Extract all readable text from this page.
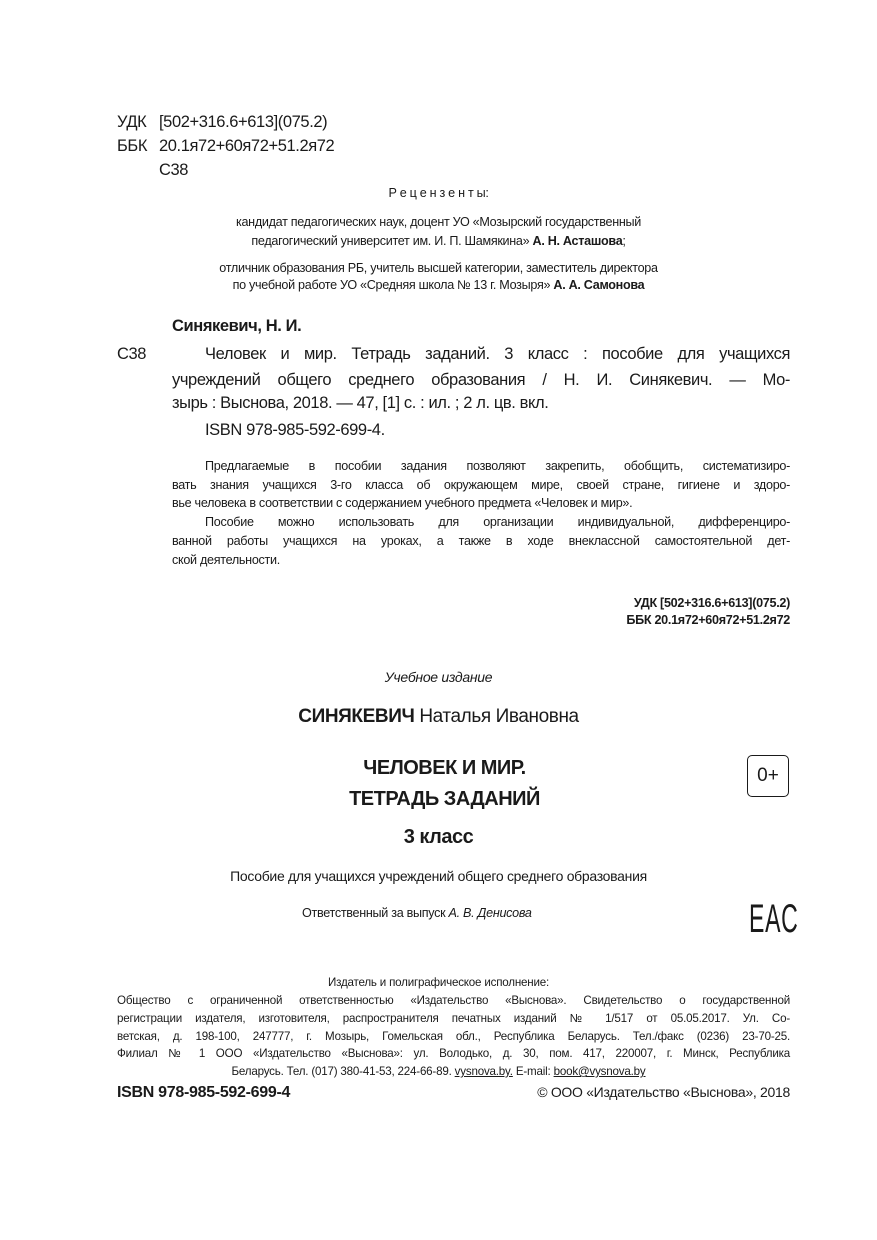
УДК [502+316.6+613](075.2)
ББК 20.1я72+60я72+51.2я72
С38
Р е ц е н з е н т ы:
кандидат педагогических наук, доцент УО «Мозырский государственный
педагогический университет им. И. П. Шамякина» А. Н. Асташова;
отличник образования РБ, учитель высшей категории, заместитель директора
по учебной работе УО «Средняя школа № 13 г. Мозыря» А. А. Самонова
Синякевич, Н. И.
С38	Человек и мир. Тетрадь заданий. 3 класс : пособие для учащихся
учреждений общего среднего образования / Н. И. Синякевич. — Мо-
зырь : Выснова, 2018. — 47, [1] с. : ил. ; 2 л. цв. вкл.
ISBN 978-985-592-699-4.
Предлагаемые в пособии задания позволяют закрепить, обобщить, систематизиро-
вать знания учащихся 3-го класса об окружающем мире, своей стране, гигиене и здоро-
вье человека в соответствии с содержанием учебного предмета «Человек и мир».
Пособие можно использовать для организации индивидуальной, дифференциро-
ванной работы учащихся на уроках, а также в ходе внеклассной самостоятельной дет-
ской деятельности.
УДК [502+316.6+613](075.2)
ББК 20.1я72+60я72+51.2я72
Учебное издание
СИНЯКЕВИЧ Наталья Ивановна
ЧЕЛОВЕК И МИР.
ТЕТРАДЬ ЗАДАНИЙ
0+
3 класс
Пособие для учащихся учреждений общего среднего образования
Ответственный за выпуск А. В. Денисова	EAC
Издатель и полиграфическое исполнение:
Общество с ограниченной ответственностью «Издательство «Выснова». Свидетельство о государственной
регистрации издателя, изготовителя, распространителя печатных изданий № 1/517 от 05.05.2017. Ул. Со-
ветская, д. 198-100, 247777, г. Мозырь, Гомельская обл., Республика Беларусь. Тел./факс (0236) 23-70-25.
Филиал № 1 ООО «Издательство «Выснова»: ул. Володько, д. 30, пом. 417, 220007, г. Минск, Республика
Беларусь. Тел. (017) 380-41-53, 224-66-89. vysnova.by. E-mail: book@vysnova.by
ISBN 978-985-592-699-4	© ООО «Издательство «Выснова», 2018
